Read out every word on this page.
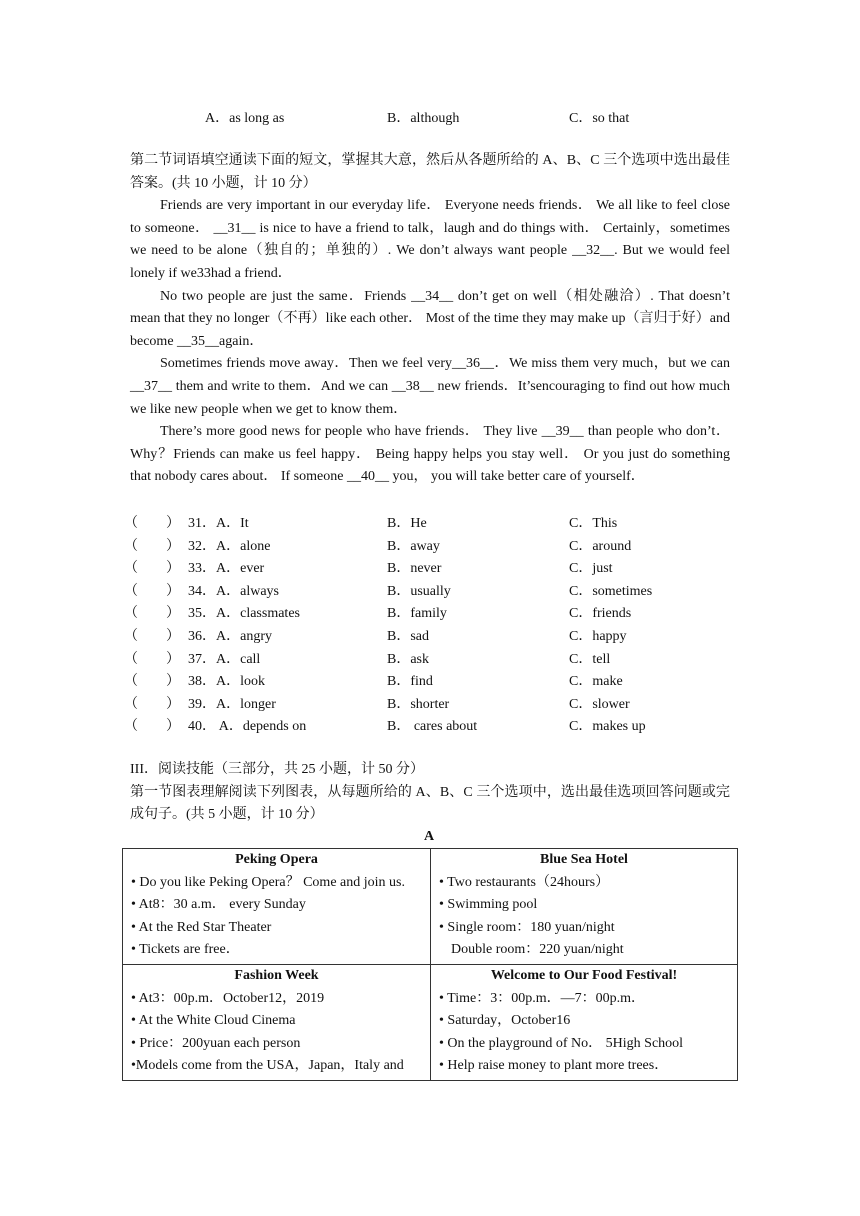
A．as long as	B．although	C．so that

第二节词语填空通读下面的短文，掌握其大意，然后从各题所给的 A、B、C 三个选项中选出最佳答案。(共 10 小题，计 10 分）

Friends are very important in our everyday life． Everyone needs friends． We all like to feel close to someone． __31__ is nice to have a friend to talk，laugh and do things with． Certainly，sometimes we need to be alone（独自的；单独的）. We don’t always want people __32__. But we would feel lonely if we33had a friend．

No two people are just the same．Friends __34__ don’t get on well（相处融洽）. That doesn’t mean that they no longer（不再）like each other． Most of the time they may make up（言归于好）and become __35__again．

Sometimes friends move away．Then we feel very__36__．We miss them very much，but we can __37__ them and write to them．And we can __38__ new friends．It’sencouraging to find out how much we like new people when we get to know them．

There’s more good news for people who have friends． They live __39__ than people who don’t． Why？Friends can make us feel happy． Being happy helps you stay well． Or you just do something that nobody cares about． If someone __40__ you， you will take better care of yourself．

（　　） 31．A．It	B．He	C．This
（　　） 32．A．alone	B．away	C．around
（　　） 33．A．ever	B．never	C．just
（　　） 34．A．always	B．usually	C．sometimes
（　　） 35．A．classmates	B．family	C．friends
（　　） 36．A．angry	B．sad	C．happy
（　　） 37．A．call	B．ask	C．tell
（　　） 38．A．look	B．find	C．make
（　　） 39．A．longer	B．shorter	C．slower
（　　） 40． A．depends on	B． cares about	C．makes up

III．阅读技能（三部分，共 25 小题，计 50 分）

第一节图表理解阅读下列图表，从每题所给的 A、B、C 三个选项中，选出最佳选项回答问题或完成句子。(共 5 小题，计 10 分）

A
Peking Opera
• Do you like Peking Opera？ Come and join us.
• At8：30 a.m． every Sunday
• At the Red Star Theater
• Tickets are free．
Blue Sea Hotel
• Two restaurants（24hours）
• Swimming pool
• Single room：180 yuan/night
Double room：220 yuan/night
Fashion Week
• At3：00p.m．October12，2019
• At the White Cloud Cinema
• Price：200yuan each person
•Models come from the USA，Japan，Italy and
Welcome to Our Food Festival!
• Time：3：00p.m．—7：00p.m．
• Saturday，October16
• On the playground of No． 5High School
• Help raise money to plant more trees．
